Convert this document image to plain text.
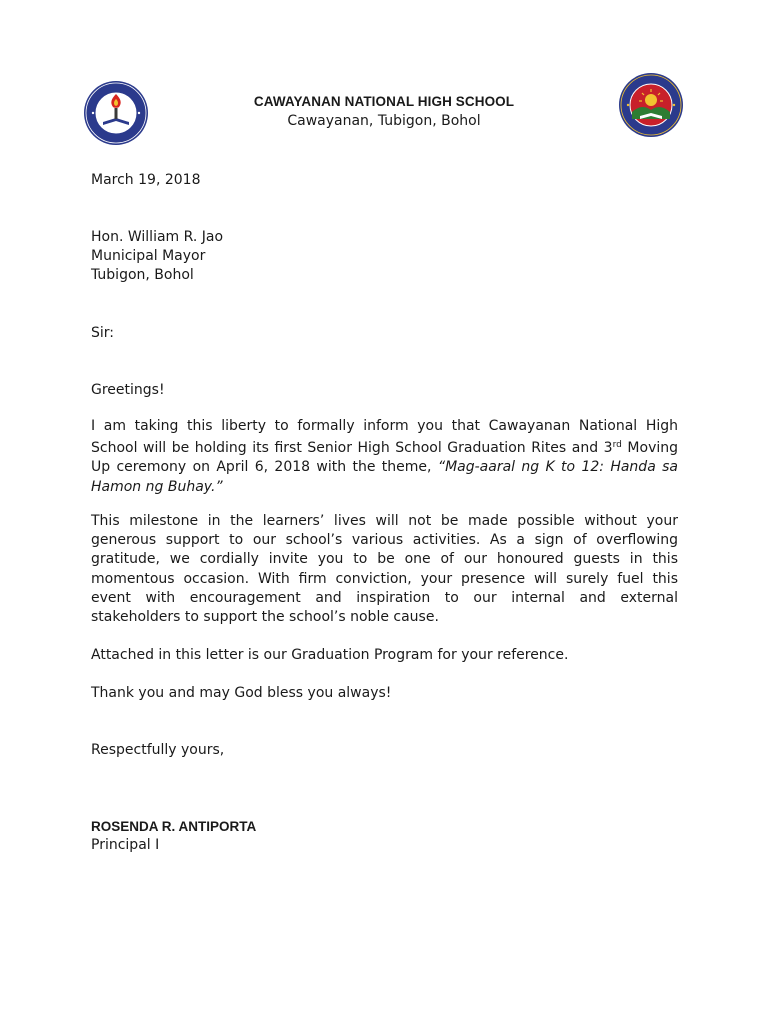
CAWAYANAN NATIONAL HIGH SCHOOL
Cawayanan, Tubigon, Bohol
March 19, 2018
Hon. William R. Jao
Municipal Mayor
Tubigon, Bohol
Sir:
Greetings!
I am taking this liberty to formally inform you that Cawayanan National High
School will be holding its first Senior High School Graduation Rites and 3rd Moving
Up ceremony on April 6, 2018 with the theme, “Mag-aaral ng K to 12: Handa sa
Hamon ng Buhay.”
This milestone in the learners’ lives will not be made possible without your
generous support to our school’s various activities. As a sign of overflowing
gratitude, we cordially invite you to be one of our honoured guests in this
momentous occasion. With firm conviction, your presence will surely fuel this
event with encouragement and inspiration to our internal and external
stakeholders to support the school’s noble cause.
Attached in this letter is our Graduation Program for your reference.
Thank you and may God bless you always!
Respectfully yours,
ROSENDA R. ANTIPORTA
Principal I
